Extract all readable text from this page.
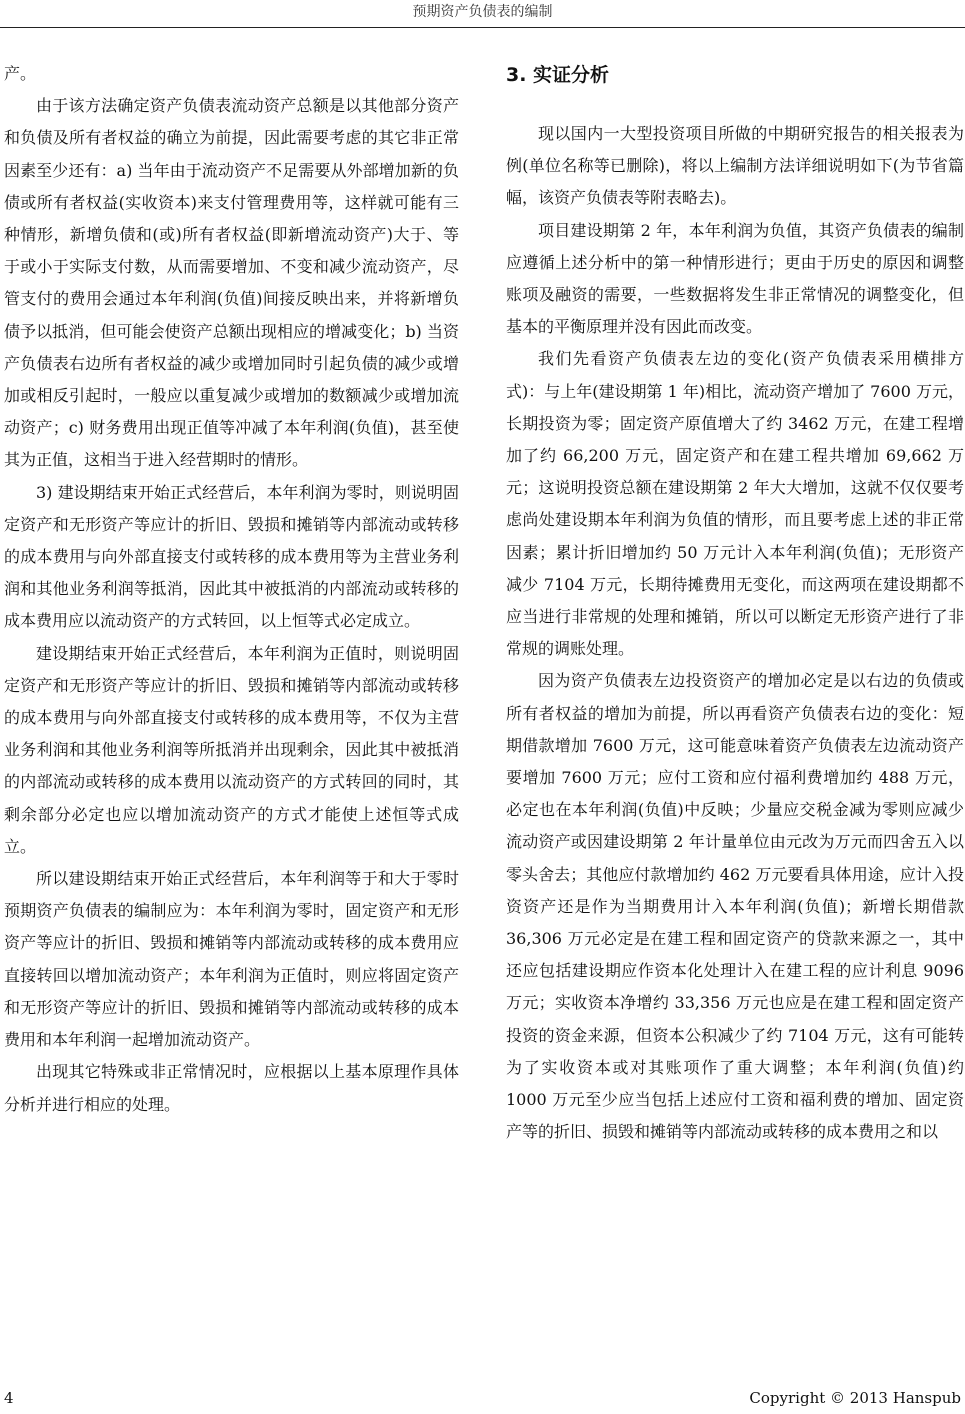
预期资产负债表的编制

产。

由于该方法确定资产负债表流动资产总额是以其他部分资产和负债及所有者权益的确立为前提，因此需要考虑的其它非正常因素至少还有：a) 当年由于流动资产不足需要从外部增加新的负债或所有者权益(实收资本)来支付管理费用等，这样就可能有三种情形，新增负债和(或)所有者权益(即新增流动资产)大于、等于或小于实际支付数，从而需要增加、不变和减少流动资产，尽管支付的费用会通过本年利润(负值)间接反映出来，并将新增负债予以抵消，但可能会使资产总额出现相应的增减变化；b) 当资产负债表右边所有者权益的减少或增加同时引起负债的减少或增加或相反引起时，一般应以重复减少或增加的数额减少或增加流动资产；c) 财务费用出现正值等冲减了本年利润(负值)，甚至使其为正值，这相当于进入经营期时的情形。

3) 建设期结束开始正式经营后，本年利润为零时，则说明固定资产和无形资产等应计的折旧、毁损和摊销等内部流动或转移的成本费用与向外部直接支付或转移的成本费用等为主营业务利润和其他业务利润等抵消，因此其中被抵消的内部流动或转移的成本费用应以流动资产的方式转回，以上恒等式必定成立。

建设期结束开始正式经营后，本年利润为正值时，则说明固定资产和无形资产等应计的折旧、毁损和摊销等内部流动或转移的成本费用与向外部直接支付或转移的成本费用等，不仅为主营业务利润和其他业务利润等所抵消并出现剩余，因此其中被抵消的内部流动或转移的成本费用以流动资产的方式转回的同时，其剩余部分必定也应以增加流动资产的方式才能使上述恒等式成立。

所以建设期结束开始正式经营后，本年利润等于和大于零时预期资产负债表的编制应为：本年利润为零时，固定资产和无形资产等应计的折旧、毁损和摊销等内部流动或转移的成本费用应直接转回以增加流动资产；本年利润为正值时，则应将固定资产和无形资产等应计的折旧、毁损和摊销等内部流动或转移的成本费用和本年利润一起增加流动资产。

出现其它特殊或非正常情况时，应根据以上基本原理作具体分析并进行相应的处理。

3. 实证分析

现以国内一大型投资项目所做的中期研究报告的相关报表为例(单位名称等已删除)，将以上编制方法详细说明如下(为节省篇幅，该资产负债表等附表略去)。

项目建设期第 2 年，本年利润为负值，其资产负债表的编制应遵循上述分析中的第一种情形进行；更由于历史的原因和调整账项及融资的需要，一些数据将发生非正常情况的调整变化，但基本的平衡原理并没有因此而改变。

我们先看资产负债表左边的变化(资产负债表采用横排方式)：与上年(建设期第 1 年)相比，流动资产增加了 7600 万元，长期投资为零；固定资产原值增大了约 3462 万元，在建工程增加了约 66,200 万元，固定资产和在建工程共增加 69,662 万元；这说明投资总额在建设期第 2 年大大增加，这就不仅仅要考虑尚处建设期本年利润为负值的情形，而且要考虑上述的非正常因素；累计折旧增加约 50 万元计入本年利润(负值)；无形资产减少 7104 万元，长期待摊费用无变化，而这两项在建设期都不应当进行非常规的处理和摊销，所以可以断定无形资产进行了非常规的调账处理。

因为资产负债表左边投资资产的增加必定是以右边的负债或所有者权益的增加为前提，所以再看资产负债表右边的变化：短期借款增加 7600 万元，这可能意味着资产负债表左边流动资产要增加 7600 万元；应付工资和应付福利费增加约 488 万元，必定也在本年利润(负值)中反映；少量应交税金减为零则应减少流动资产或因建设期第 2 年计量单位由元改为万元而四舍五入以零头舍去；其他应付款增加约 462 万元要看具体用途，应计入投资资产还是作为当期费用计入本年利润(负值)；新增长期借款 36,306 万元必定是在建工程和固定资产的贷款来源之一，其中还应包括建设期应作资本化处理计入在建工程的应计利息 9096 万元；实收资本净增约 33,356 万元也应是在建工程和固定资产投资的资金来源，但资本公积减少了约 7104 万元，这有可能转为了实收资本或对其账项作了重大调整；本年利润(负值)约 1000 万元至少应当包括上述应付工资和福利费的增加、固定资产等的折旧、损毁和摊销等内部流动或转移的成本费用之和以

4	Copyright © 2013 Hanspub
